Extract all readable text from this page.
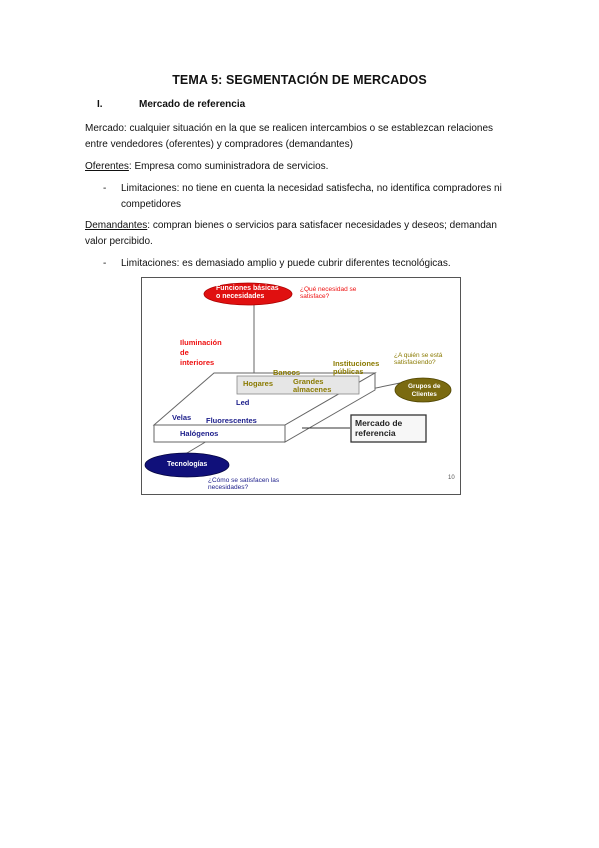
TEMA 5: SEGMENTACIÓN DE MERCADOS
I.	Mercado de referencia
Mercado: cualquier situación en la que se realicen intercambios o se establezcan relaciones
entre vendedores (oferentes) y compradores (demandantes)
Oferentes: Empresa como suministradora de servicios.
- Limitaciones: no tiene en cuenta la necesidad satisfecha, no identifica compradores ni
competidores
Demandantes: compran bienes o servicios para satisfacer necesidades y deseos; demandan
valor percibido.
- Limitaciones: es demasiado amplio y puede cubrir diferentes tecnológicas.
Funciones básicas
o necesidades
¿Qué necesidad se
satisface?
Iluminación
de
interiores	Instituciones
públicas
¿A quién se está
satisfaciendo?
Bancos
Hogares	Grandes
almacenes	Grupos de
Clientes
Led
Velas Fluorescentes
Halógenos
Mercado de
referencia
Tecnologías
¿Cómo se satisfacen las
necesidades?
10
